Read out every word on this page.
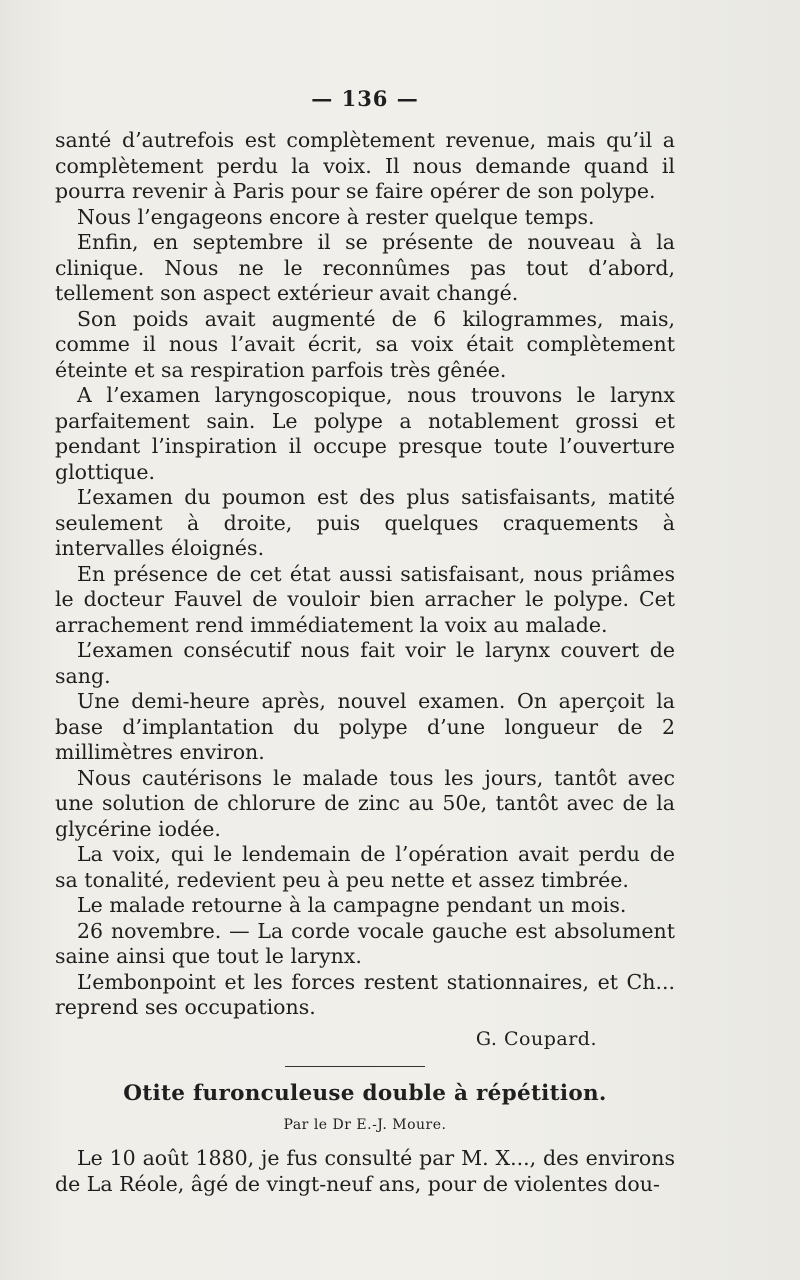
— 136 —

santé d’autrefois est complètement revenue, mais qu’il a complètement perdu la voix. Il nous demande quand il pourra revenir à Paris pour se faire opérer de son polype.

Nous l’engageons encore à rester quelque temps.

Enfin, en septembre il se présente de nouveau à la clinique. Nous ne le reconnûmes pas tout d’abord, tellement son aspect extérieur avait changé.

Son poids avait augmenté de 6 kilogrammes, mais, comme il nous l’avait écrit, sa voix était complètement éteinte et sa respiration parfois très gênée.

A l’examen laryngoscopique, nous trouvons le larynx parfaitement sain. Le polype a notablement grossi et pendant l’inspiration il occupe presque toute l’ouverture glottique.

L’examen du poumon est des plus satisfaisants, matité seulement à droite, puis quelques craquements à intervalles éloignés.

En présence de cet état aussi satisfaisant, nous priâmes le docteur Fauvel de vouloir bien arracher le polype. Cet arrachement rend immédiatement la voix au malade.

L’examen consécutif nous fait voir le larynx couvert de sang.

Une demi-heure après, nouvel examen. On aperçoit la base d’implantation du polype d’une longueur de 2 millimètres environ.

Nous cautérisons le malade tous les jours, tantôt avec une solution de chlorure de zinc au 50e, tantôt avec de la glycérine iodée.

La voix, qui le lendemain de l’opération avait perdu de sa tonalité, redevient peu à peu nette et assez timbrée.

Le malade retourne à la campagne pendant un mois.

26 novembre. — La corde vocale gauche est absolument saine ainsi que tout le larynx.

L’embonpoint et les forces restent stationnaires, et Ch... reprend ses occupations.

G. Coupard.
Otite furonculeuse double à répétition.
Par le Dr E.-J. Moure.

Le 10 août 1880, je fus consulté par M. X..., des environs de La Réole, âgé de vingt-neuf ans, pour de violentes dou-
